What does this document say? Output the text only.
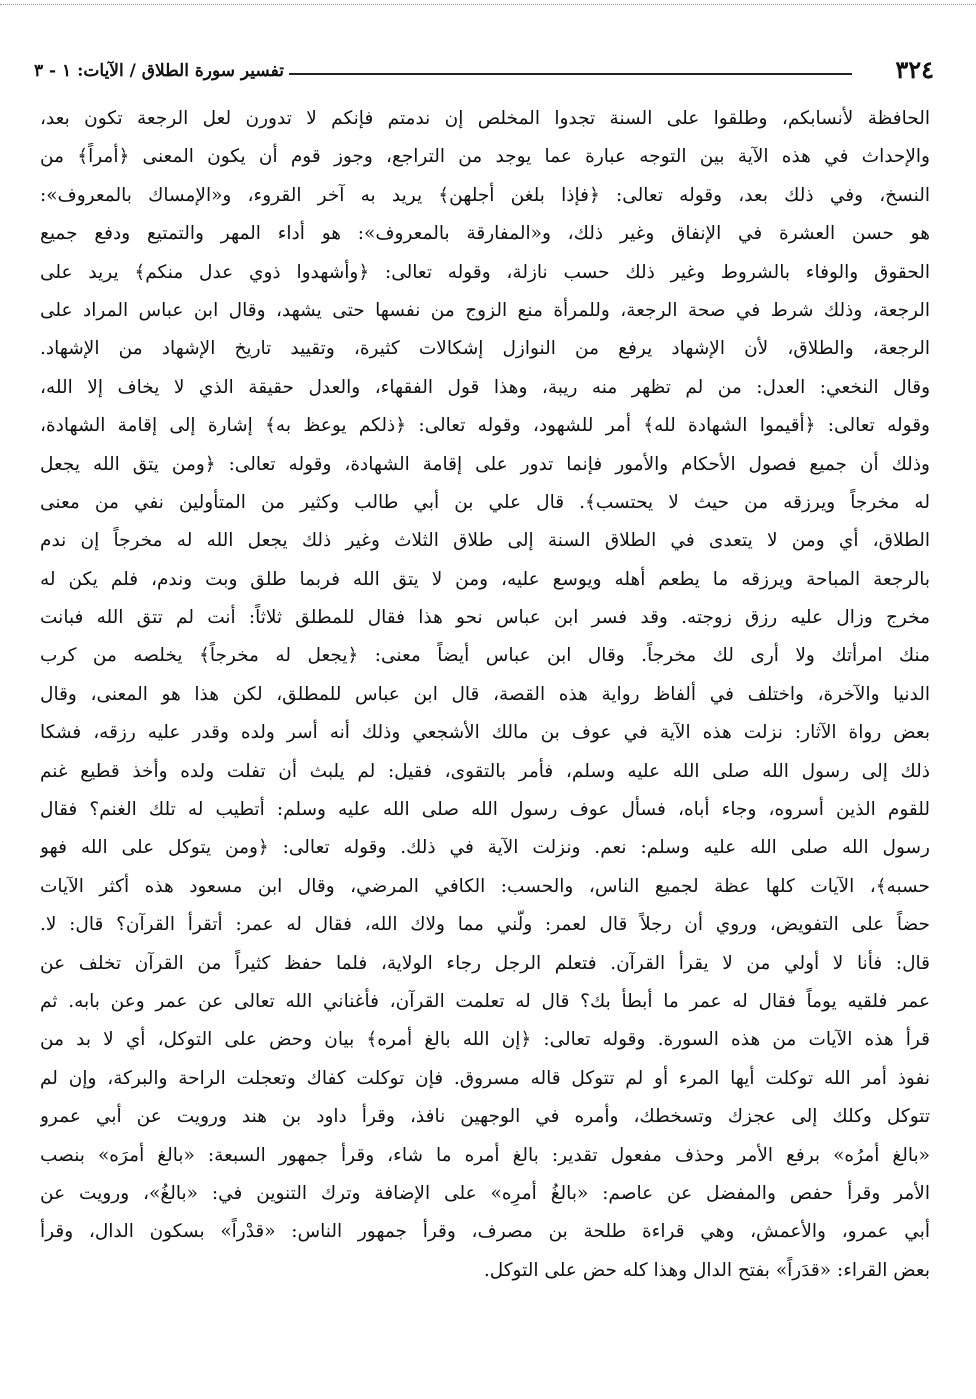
٣٢٤
تفسير سورة الطلاق / الآيات: ١ - ٣
الحافظة لأنسابكم، وطلقوا على السنة تجدوا المخلص إن ندمتم فإنكم لا تدورن لعل الرجعة تكون بعد،
والإحداث في هذه الآية بين التوجه عبارة عما يوجد من التراجع، وجوز قوم أن يكون المعنى ﴿أمراً﴾ من
النسخ، وفي ذلك بعد، وقوله تعالى: ﴿فإذا بلغن أجلهن﴾ يريد به آخر القروء، و«الإمساك بالمعروف»:
هو حسن العشرة في الإنفاق وغير ذلك، و«المفارقة بالمعروف»: هو أداء المهر والتمتيع ودفع جميع
الحقوق والوفاء بالشروط وغير ذلك حسب نازلة، وقوله تعالى: ﴿وأشهدوا ذوي عدل منكم﴾ يريد على
الرجعة، وذلك شرط في صحة الرجعة، وللمرأة منع الزوج من نفسها حتى يشهد، وقال ابن عباس المراد على
الرجعة، والطلاق، لأن الإشهاد يرفع من النوازل إشكالات كثيرة، وتقييد تاريخ الإشهاد من الإشهاد.
وقال النخعي: العدل: من لم تظهر منه ريبة، وهذا قول الفقهاء، والعدل حقيقة الذي لا يخاف إلا الله،
وقوله تعالى: ﴿أقيموا الشهادة لله﴾ أمر للشهود، وقوله تعالى: ﴿ذلكم يوعظ به﴾ إشارة إلى إقامة الشهادة،
وذلك أن جميع فصول الأحكام والأمور فإنما تدور على إقامة الشهادة، وقوله تعالى: ﴿ومن يتق الله يجعل
له مخرجاً ويرزقه من حيث لا يحتسب﴾. قال علي بن أبي طالب وكثير من المتأولين نفي من معنى
الطلاق، أي ومن لا يتعدى في الطلاق السنة إلى طلاق الثلاث وغير ذلك يجعل الله له مخرجاً إن ندم
بالرجعة المباحة ويرزقه ما يطعم أهله ويوسع عليه، ومن لا يتق الله فربما طلق وبت وندم، فلم يكن له
مخرج وزال عليه رزق زوجته. وقد فسر ابن عباس نحو هذا فقال للمطلق ثلاثاً: أنت لم تتق الله فبانت
منك امرأتك ولا أرى لك مخرجاً. وقال ابن عباس أيضاً معنى: ﴿يجعل له مخرجاً﴾ يخلصه من كرب
الدنيا والآخرة، واختلف في ألفاظ رواية هذه القصة، قال ابن عباس للمطلق، لكن هذا هو المعنى، وقال
بعض رواة الآثار: نزلت هذه الآية في عوف بن مالك الأشجعي وذلك أنه أسر ولده وقدر عليه رزقه، فشكا
ذلك إلى رسول الله صلى الله عليه وسلم، فأمر بالتقوى، فقيل: لم يلبث أن تفلت ولده وأخذ قطيع غنم
للقوم الذين أسروه، وجاء أباه، فسأل عوف رسول الله صلى الله عليه وسلم: أتطيب له تلك الغنم؟ فقال
رسول الله صلى الله عليه وسلم: نعم. ونزلت الآية في ذلك. وقوله تعالى: ﴿ومن يتوكل على الله فهو
حسبه﴾، الآيات كلها عظة لجميع الناس، والحسب: الكافي المرضي، وقال ابن مسعود هذه أكثر الآيات
حضاً على التفويض، وروي أن رجلاً قال لعمر: ولّني مما ولاك الله، فقال له عمر: أتقرأ القرآن؟ قال: لا.
قال: فأنا لا أولي من لا يقرأ القرآن. فتعلم الرجل رجاء الولاية، فلما حفظ كثيراً من القرآن تخلف عن
عمر فلقيه يوماً فقال له عمر ما أبطأ بك؟ قال له تعلمت القرآن، فأغناني الله تعالى عن عمر وعن بابه. ثم
قرأ هذه الآيات من هذه السورة. وقوله تعالى: ﴿إن الله بالغ أمره﴾ بيان وحض على التوكل، أي لا بد من
نفوذ أمر الله توكلت أيها المرء أو لم تتوكل قاله مسروق. فإن توكلت كفاك وتعجلت الراحة والبركة، وإن لم
تتوكل وكلك إلى عجزك وتسخطك، وأمره في الوجهين نافذ، وقرأ داود بن هند ورويت عن أبي عمرو
«بالغ أمرُه» برفع الأمر وحذف مفعول تقدير: بالغ أمره ما شاء، وقرأ جمهور السبعة: «بالغ أمرَه» بنصب
الأمر وقرأ حفص والمفضل عن عاصم: «بالغُ أمرِه» على الإضافة وترك التنوين في: «بالغُ»، ورويت عن
أبي عمرو، والأعمش، وهي قراءة طلحة بن مصرف، وقرأ جمهور الناس: «قدْراً» بسكون الدال، وقرأ
بعض القراء: «قدَراً» بفتح الدال وهذا كله حض على التوكل.
